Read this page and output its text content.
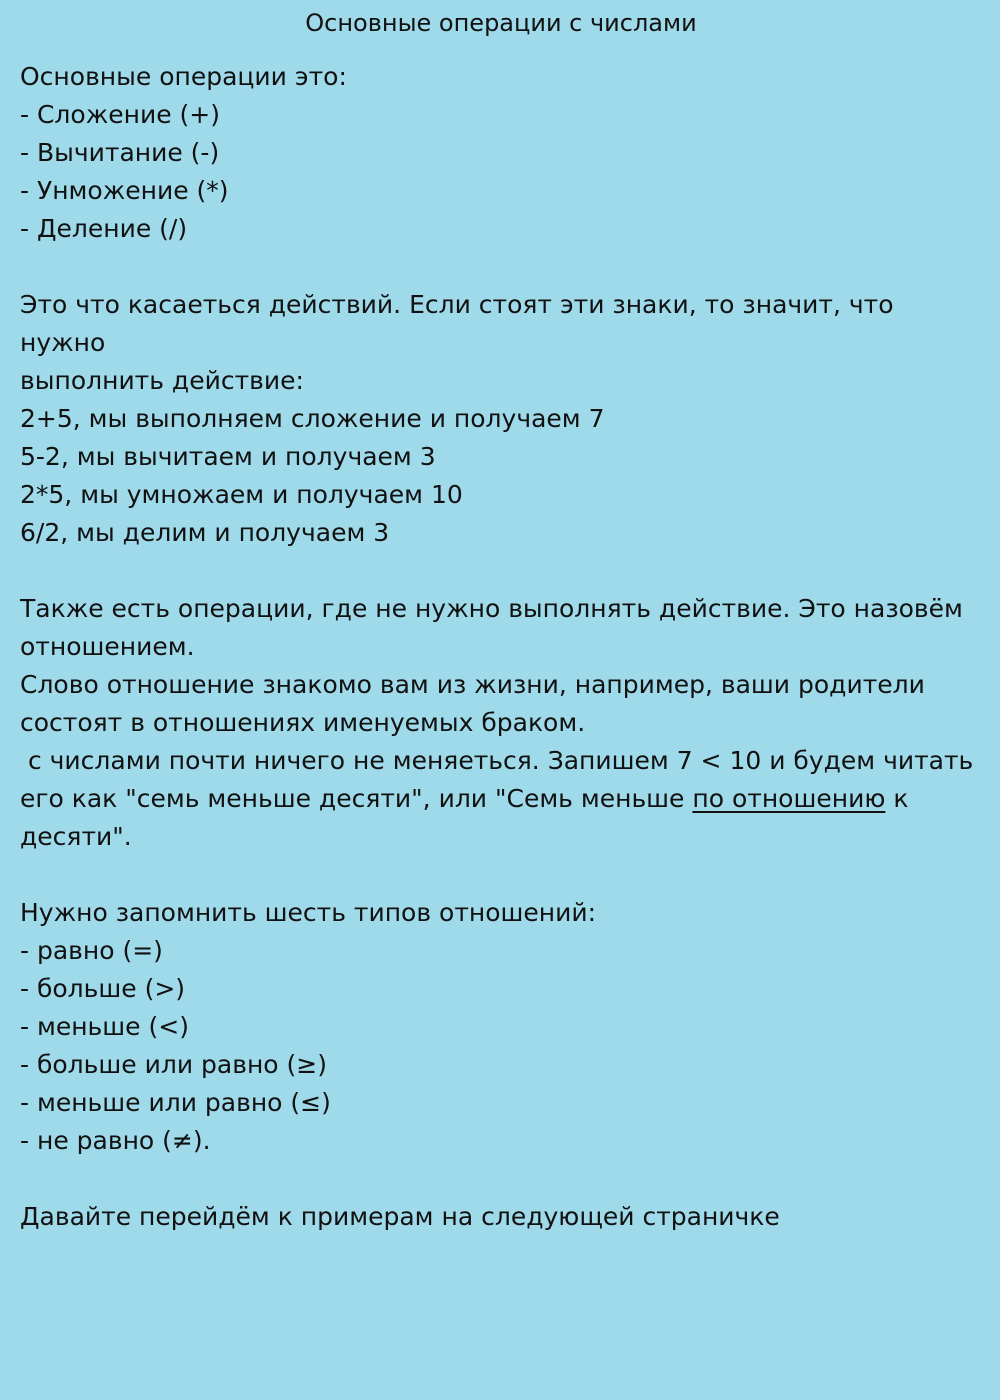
Основные операции с числами

Основные операции это:

- Сложение (+)

- Вычитание (-)

- Унможение (*)

- Деление (/)

Это что касаеться действий. Если стоят эти знаки, то значит, что нужно

выполнить действие:

2+5, мы выполняем сложение и получаем 7

5-2, мы вычитаем и получаем 3

2*5, мы умножаем и получаем 10

6/2, мы делим и получаем 3

Также есть операции, где не нужно выполнять действие. Это назовём

отношением.

Слово отношение знакомо вам из жизни, например, ваши родители

состоят в отношениях именуемых браком.

с числами почти ничего не меняеться. Запишем 7 < 10 и будем читать

его как "семь меньше десяти", или "Семь меньше по отношению к

десяти".

Нужно запомнить шесть типов отношений:

- равно (=)

- больше (>)

- меньше (<)

- больше или равно (≥)

- меньше или равно (≤)

- не равно (≠).

Давайте перейдём к примерам на следующей страничке
